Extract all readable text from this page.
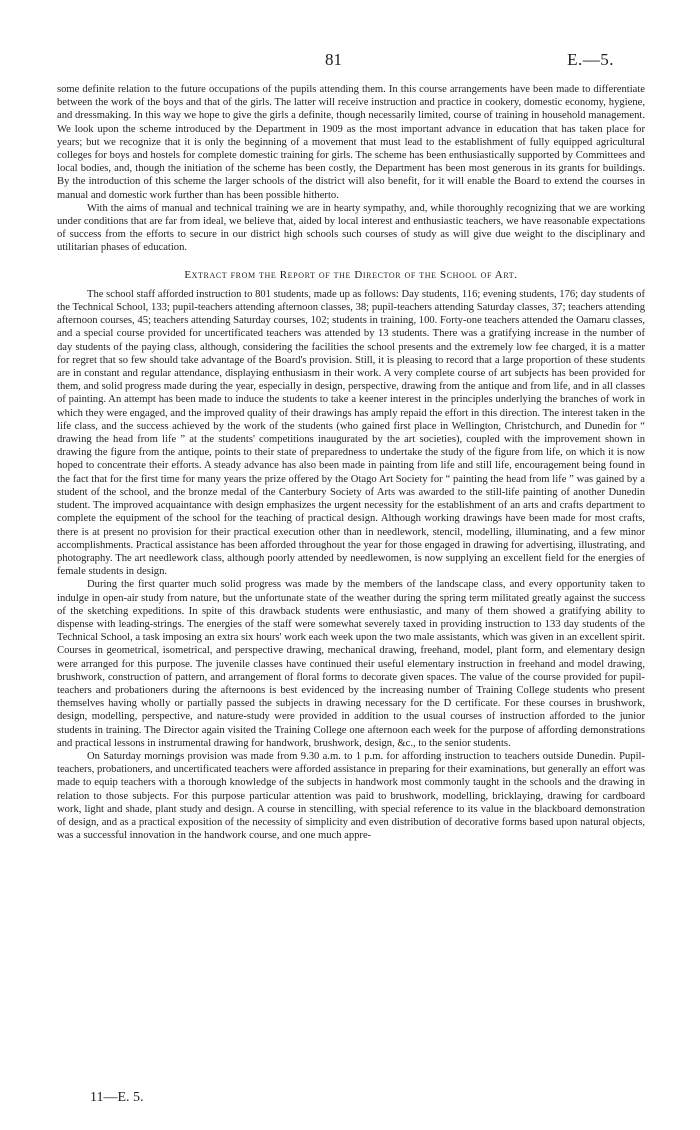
81	E.—5.

some definite relation to the future occupations of the pupils attending them. In this course arrangements have been made to differentiate between the work of the boys and that of the girls. The latter will receive instruction and practice in cookery, domestic economy, hygiene, and dressmaking. In this way we hope to give the girls a definite, though necessarily limited, course of training in household management. We look upon the scheme introduced by the Department in 1909 as the most important advance in education that has taken place for years; but we recognize that it is only the beginning of a movement that must lead to the establishment of fully equipped agricultural colleges for boys and hostels for complete domestic training for girls. The scheme has been enthusiastically supported by Committees and local bodies, and, though the initiation of the scheme has been costly, the Department has been most generous in its grants for buildings. By the introduction of this scheme the larger schools of the district will also benefit, for it will enable the Board to extend the courses in manual and domestic work further than has been possible hitherto.

With the aims of manual and technical training we are in hearty sympathy, and, while thoroughly recognizing that we are working under conditions that are far from ideal, we believe that, aided by local interest and enthusiastic teachers, we have reasonable expectations of success from the efforts to secure in our district high schools such courses of study as will give due weight to the disciplinary and utilitarian phases of education.

Extract from the Report of the Director of the School of Art.

The school staff afforded instruction to 801 students, made up as follows: Day students, 116; evening students, 176; day students of the Technical School, 133; pupil-teachers attending afternoon classes, 38; pupil-teachers attending Saturday classes, 37; teachers attending afternoon courses, 45; teachers attending Saturday courses, 102; students in training, 100. Forty-one teachers attended the Oamaru classes, and a special course provided for uncertificated teachers was attended by 13 students. There was a gratifying increase in the number of day students of the paying class, although, considering the facilities the school presents and the extremely low fee charged, it is a matter for regret that so few should take advantage of the Board's provision. Still, it is pleasing to record that a large proportion of these students are in constant and regular attendance, displaying enthusiasm in their work. A very complete course of art subjects has been provided for them, and solid progress made during the year, especially in design, perspective, drawing from the antique and from life, and in all classes of painting. An attempt has been made to induce the students to take a keener interest in the principles underlying the branches of work in which they were engaged, and the improved quality of their drawings has amply repaid the effort in this direction. The interest taken in the life class, and the success achieved by the work of the students (who gained first place in Wellington, Christchurch, and Dunedin for “ drawing the head from life ” at the students' competitions inaugurated by the art societies), coupled with the improvement shown in drawing the figure from the antique, points to their state of preparedness to undertake the study of the figure from life, on which it is now hoped to concentrate their efforts. A steady advance has also been made in painting from life and still life, encouragement being found in the fact that for the first time for many years the prize offered by the Otago Art Society for “ painting the head from life ” was gained by a student of the school, and the bronze medal of the Canterbury Society of Arts was awarded to the still-life painting of another Dunedin student. The improved acquaintance with design emphasizes the urgent necessity for the establishment of an arts and crafts department to complete the equipment of the school for the teaching of practical design. Although working drawings have been made for most crafts, there is at present no provision for their practical execution other than in needlework, stencil, modelling, illuminating, and a few minor accomplishments. Practical assistance has been afforded throughout the year for those engaged in drawing for advertising, illustrating, and photography. The art needlework class, although poorly attended by needlewomen, is now supplying an excellent field for the energies of female students in design.

During the first quarter much solid progress was made by the members of the landscape class, and every opportunity taken to indulge in open-air study from nature, but the unfortunate state of the weather during the spring term militated greatly against the success of the sketching expeditions. In spite of this drawback students were enthusiastic, and many of them showed a gratifying ability to dispense with leading-strings. The energies of the staff were somewhat severely taxed in providing instruction to 133 day students of the Technical School, a task imposing an extra six hours' work each week upon the two male assistants, which was given in an excellent spirit. Courses in geometrical, isometrical, and perspective drawing, mechanical drawing, freehand, model, plant form, and elementary design were arranged for this purpose. The juvenile classes have continued their useful elementary instruction in freehand and model drawing, brushwork, construction of pattern, and arrangement of floral forms to decorate given spaces. The value of the course provided for pupil-teachers and probationers during the afternoons is best evidenced by the increasing number of Training College students who present themselves having wholly or partially passed the subjects in drawing necessary for the D certificate. For these courses in brushwork, design, modelling, perspective, and nature-study were provided in addition to the usual courses of instruction afforded to the junior students in training. The Director again visited the Training College one afternoon each week for the purpose of affording demonstrations and practical lessons in instrumental drawing for handwork, brushwork, design, &c., to the senior students.

On Saturday mornings provision was made from 9.30 a.m. to 1 p.m. for affording instruction to teachers outside Dunedin. Pupil-teachers, probationers, and uncertificated teachers were afforded assistance in preparing for their examinations, but generally an effort was made to equip teachers with a thorough knowledge of the subjects in handwork most commonly taught in the schools and the drawing in relation to those subjects. For this purpose particular attention was paid to brushwork, modelling, bricklaying, drawing for cardboard work, light and shade, plant study and design. A course in stencilling, with special reference to its value in the blackboard demonstration of design, and as a practical exposition of the necessity of simplicity and even distribution of decorative forms based upon natural objects, was a successful innovation in the handwork course, and one much appre-

11—E. 5.
